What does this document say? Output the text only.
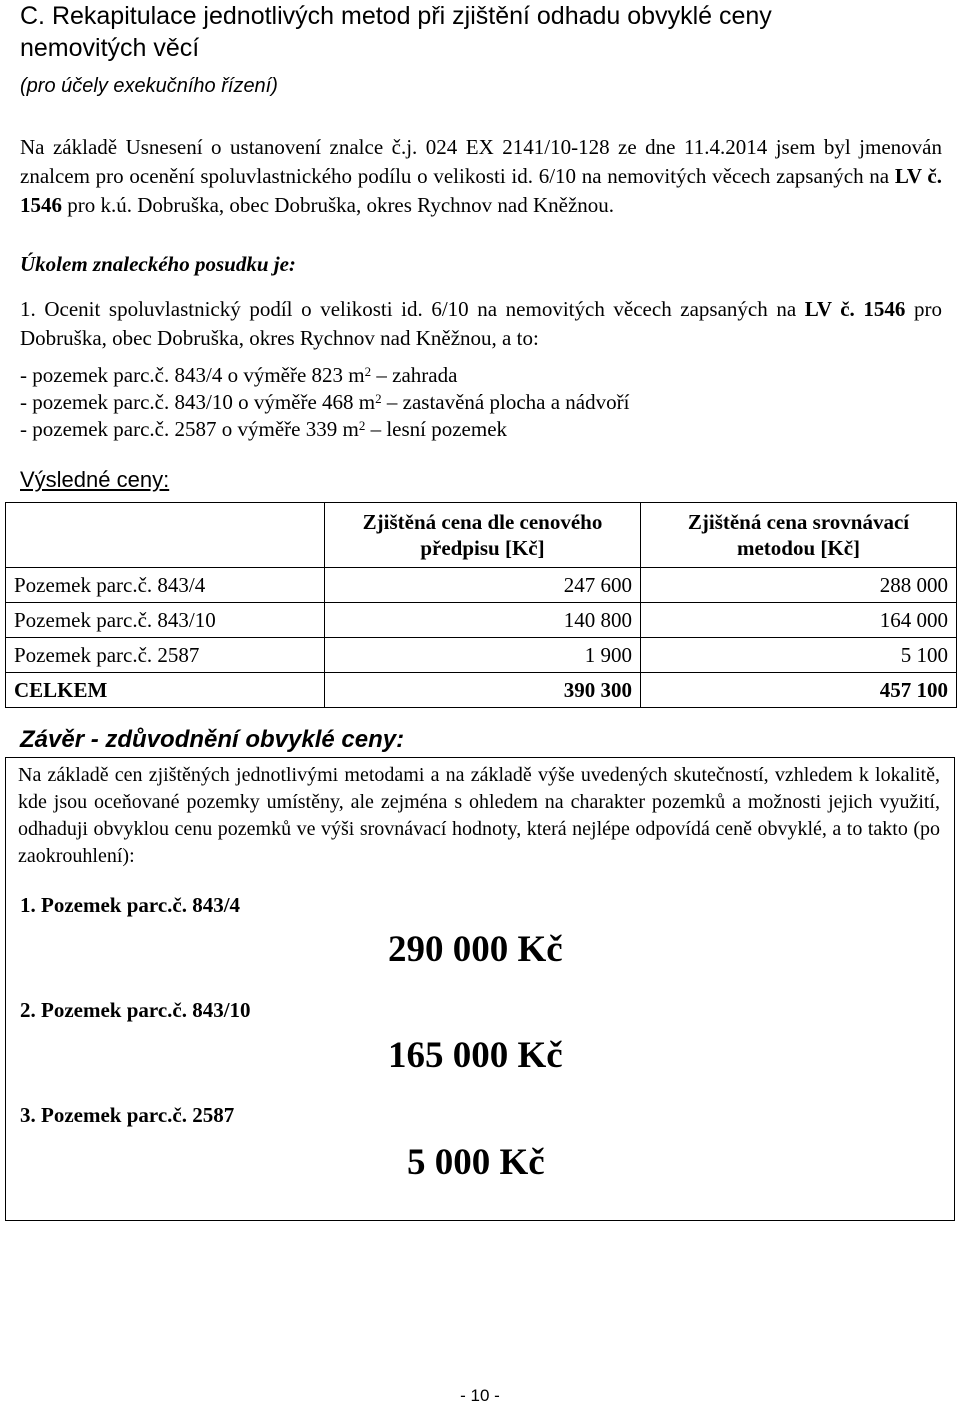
C. Rekapitulace jednotlivých metod při zjištění odhadu obvyklé ceny
nemovitých věcí
(pro účely exekučního řízení)
Na základě Usnesení o ustanovení znalce č.j. 024 EX 2141/10-128 ze dne 11.4.2014 jsem byl jmenován znalcem pro ocenění spoluvlastnického podílu o velikosti id. 6/10 na nemovitých věcech zapsaných na LV č. 1546 pro k.ú. Dobruška, obec Dobruška, okres Rychnov nad Kněžnou.
Úkolem znaleckého posudku je:
1. Ocenit spoluvlastnický podíl o velikosti id. 6/10 na nemovitých věcech zapsaných na LV č. 1546 pro Dobruška, obec Dobruška, okres Rychnov nad Kněžnou, a to:
- pozemek parc.č. 843/4 o výměře 823 $m^2$ – zahrada
- pozemek parc.č. 843/10 o výměře 468 $m^2$ – zastavěná plocha a nádvoří
- pozemek parc.č. 2587 o výměře 339 $m^2$ – lesní pozemek
Výsledné ceny:
	Zjištěná cena dle cenového předpisu [Kč]	Zjištěná cena srovnávací metodou [Kč]
Pozemek parc.č. 843/4	247 600	288 000
Pozemek parc.č. 843/10	140 800	164 000
Pozemek parc.č. 2587	1 900	5 100
CELKEM	390 300	457 100
Závěr - zdůvodnění obvyklé ceny:
Na základě cen zjištěných jednotlivými metodami a na základě výše uvedených skutečností, vzhledem k lokalitě, kde jsou oceňované pozemky umístěny, ale zejména s ohledem na charakter pozemků a možnosti jejich využití, odhaduji obvyklou cenu pozemků ve výši srovnávací hodnoty, která nejlépe odpovídá ceně obvyklé, a to takto (po zaokrouhlení):
1. Pozemek parc.č. 843/4
290 000 Kč
2. Pozemek parc.č. 843/10
165 000 Kč
3. Pozemek parc.č. 2587
5 000 Kč
- 10 -
